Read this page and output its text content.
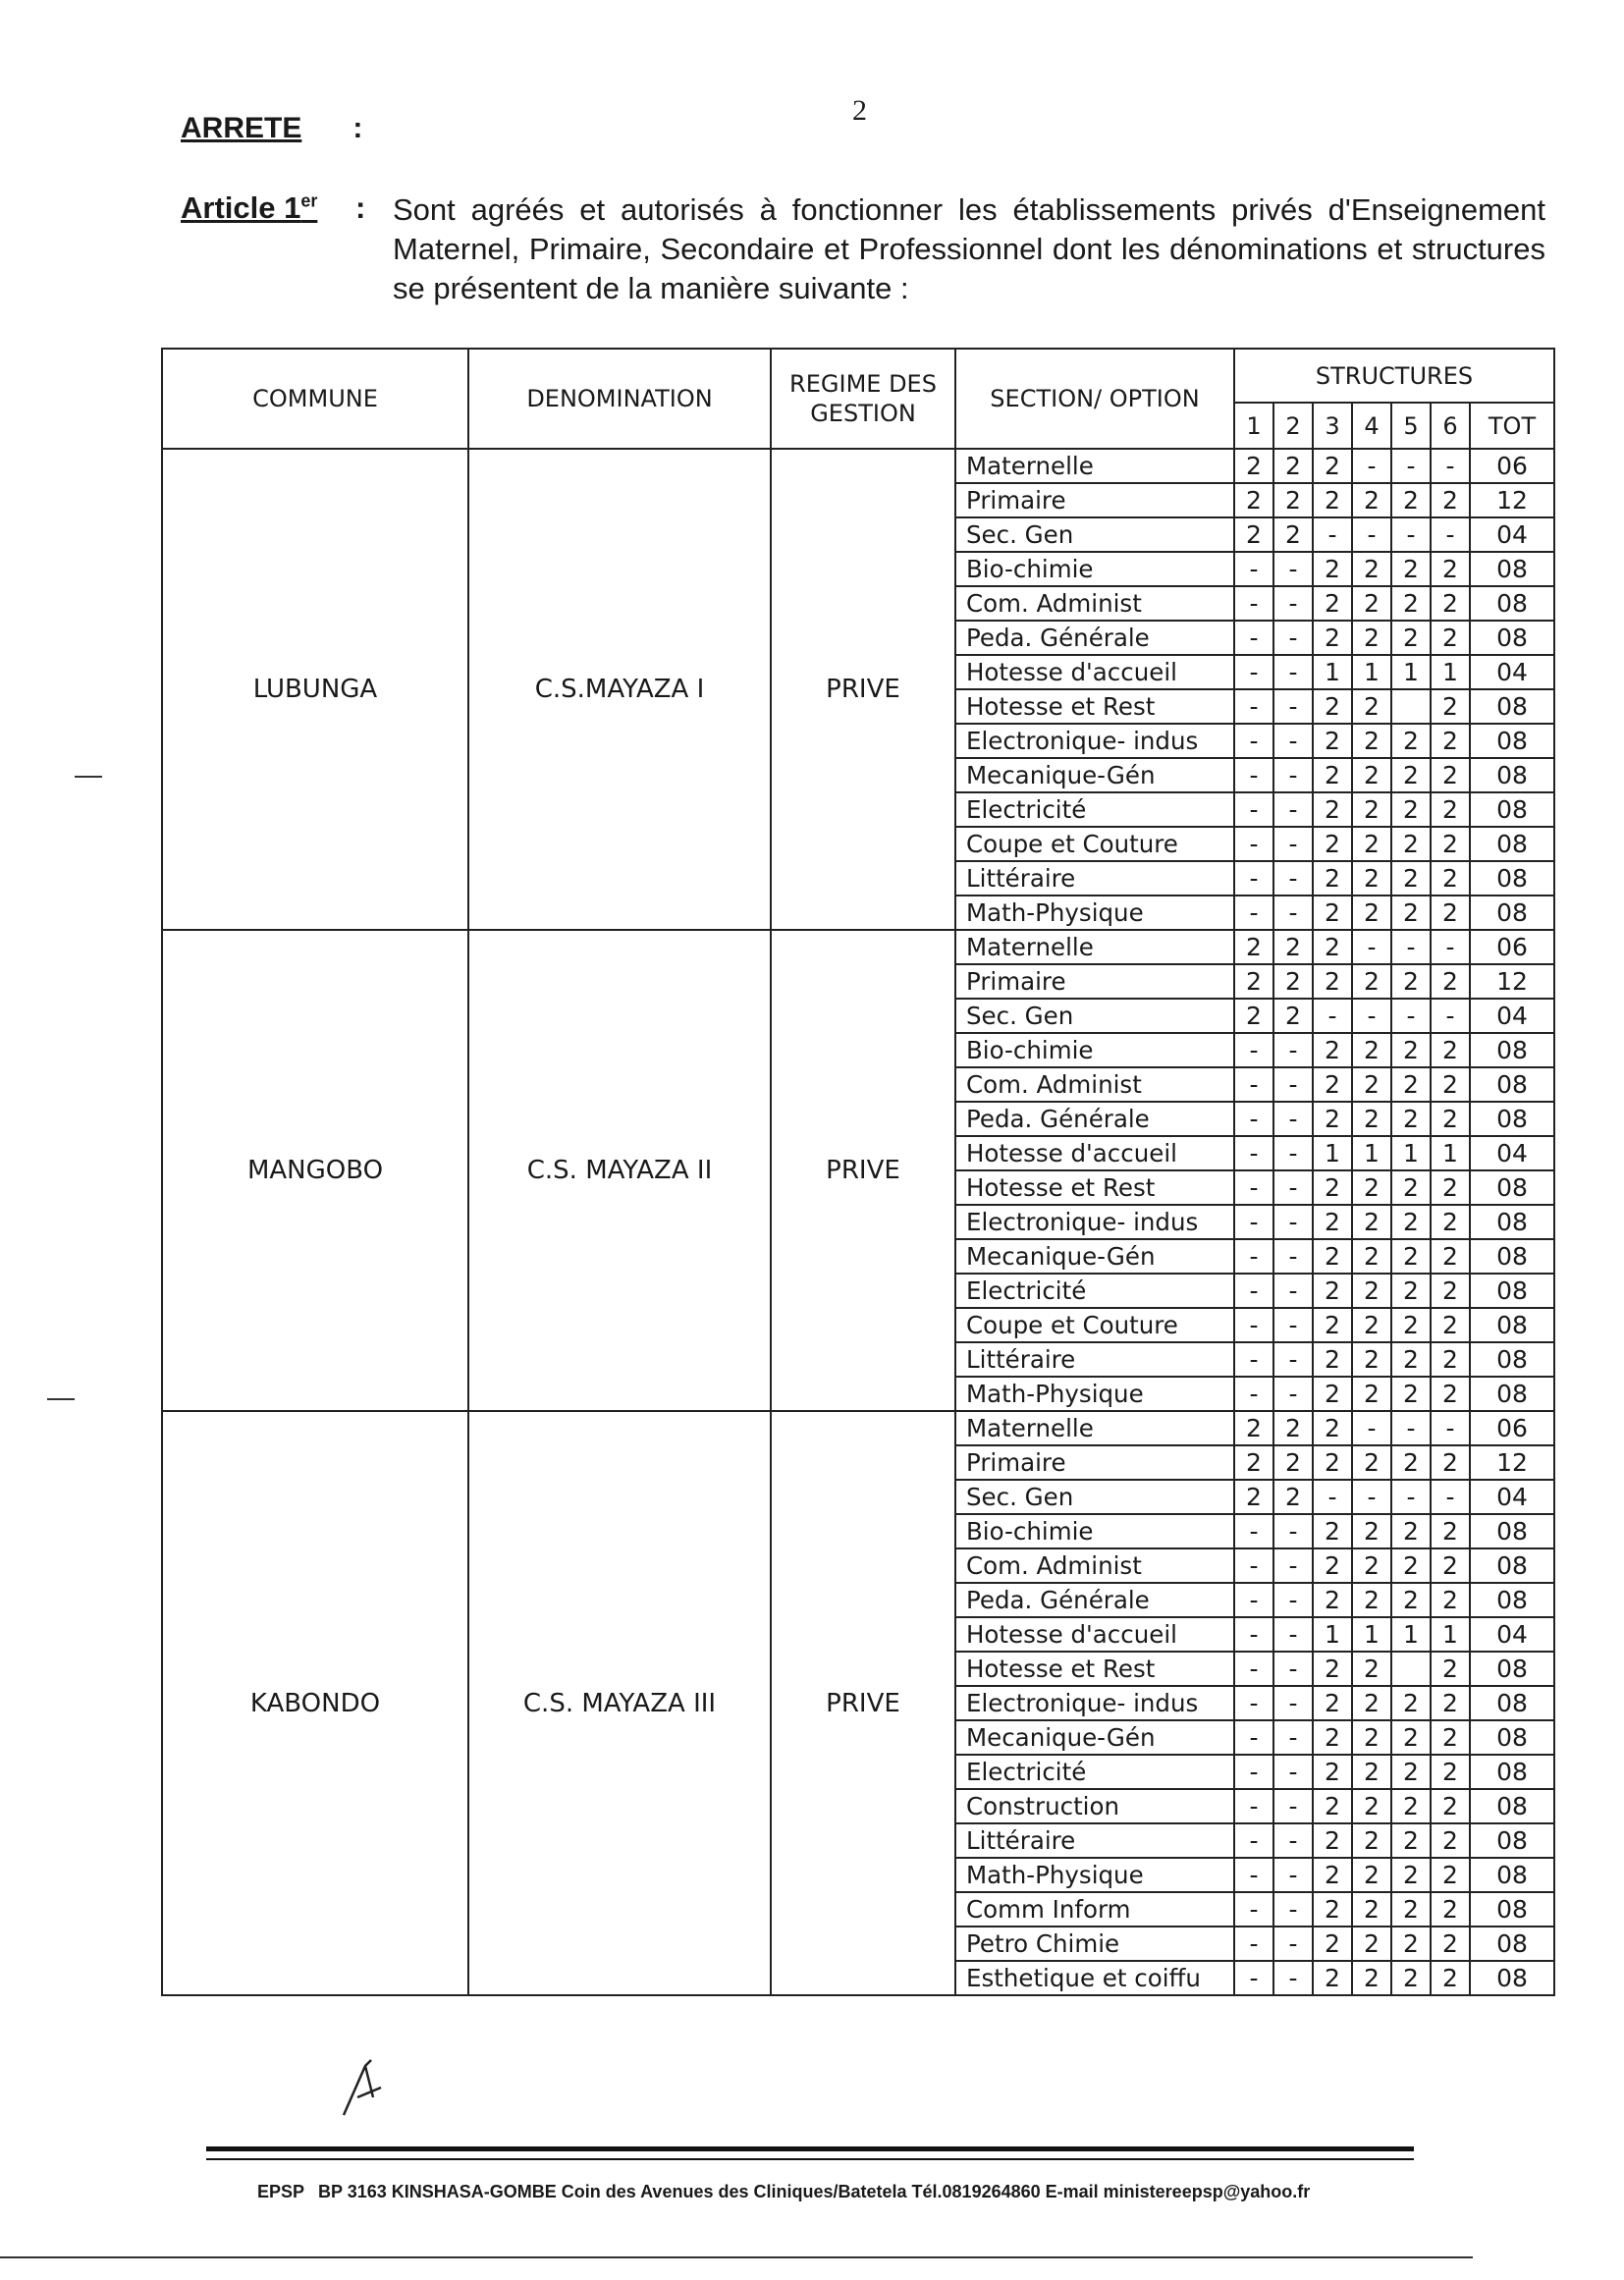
2
ARRETE :
Article 1er : Sont agréés et autorisés à fonctionner les établissements privés d'Enseignement Maternel, Primaire, Secondaire et Professionnel dont les dénominations et structures se présentent de la manière suivante :
COMMUNE	DENOMINATION	REGIME DES GESTION	SECTION/ OPTION	STRUCTURES						
				1	2	3	4	5	6	TOT
LUBUNGA	C.S.MAYAZA I	PRIVE	Maternelle	2	2	2	-	-	-	06
			Primaire	2	2	2	2	2	2	12
			Sec. Gen	2	2	-	-	-	-	04
			Bio-chimie	-	-	2	2	2	2	08
			Com. Administ	-	-	2	2	2	2	08
			Peda. Générale	-	-	2	2	2	2	08
			Hotesse d'accueil	-	-	1	1	1	1	04
			Hotesse et Rest	-	-	2	2		2	08
			Electronique- indus	-	-	2	2	2	2	08
			Mecanique-Gén	-	-	2	2	2	2	08
			Electricité	-	-	2	2	2	2	08
			Coupe et Couture	-	-	2	2	2	2	08
			Littéraire	-	-	2	2	2	2	08
			Math-Physique	-	-	2	2	2	2	08
MANGOBO	C.S. MAYAZA II	PRIVE	Maternelle	2	2	2	-	-	-	06
			Primaire	2	2	2	2	2	2	12
			Sec. Gen	2	2	-	-	-	-	04
			Bio-chimie	-	-	2	2	2	2	08
			Com. Administ	-	-	2	2	2	2	08
			Peda. Générale	-	-	2	2	2	2	08
			Hotesse d'accueil	-	-	1	1	1	1	04
			Hotesse et Rest	-	-	2	2	2	2	08
			Electronique- indus	-	-	2	2	2	2	08
			Mecanique-Gén	-	-	2	2	2	2	08
			Electricité	-	-	2	2	2	2	08
			Coupe et Couture	-	-	2	2	2	2	08
			Littéraire	-	-	2	2	2	2	08
			Math-Physique	-	-	2	2	2	2	08
KABONDO	C.S. MAYAZA III	PRIVE	Maternelle	2	2	2	-	-	-	06
			Primaire	2	2	2	2	2	2	12
			Sec. Gen	2	2	-	-	-	-	04
			Bio-chimie	-	-	2	2	2	2	08
			Com. Administ	-	-	2	2	2	2	08
			Peda. Générale	-	-	2	2	2	2	08
			Hotesse d'accueil	-	-	1	1	1	1	04
			Hotesse et Rest	-	-	2	2		2	08
			Electronique- indus	-	-	2	2	2	2	08
			Mecanique-Gén	-	-	2	2	2	2	08
			Electricité	-	-	2	2	2	2	08
			Construction	-	-	2	2	2	2	08
			Littéraire	-	-	2	2	2	2	08
			Math-Physique	-	-	2	2	2	2	08
			Comm Inform	-	-	2	2	2	2	08
			Petro Chimie	-	-	2	2	2	2	08
			Esthetique et coiffu	-	-	2	2	2	2	08
EPSP BP 3163 KINSHASA-GOMBE Coin des Avenues des Cliniques/Batetela Tél.0819264860 E-mail ministereepsp@yahoo.fr
